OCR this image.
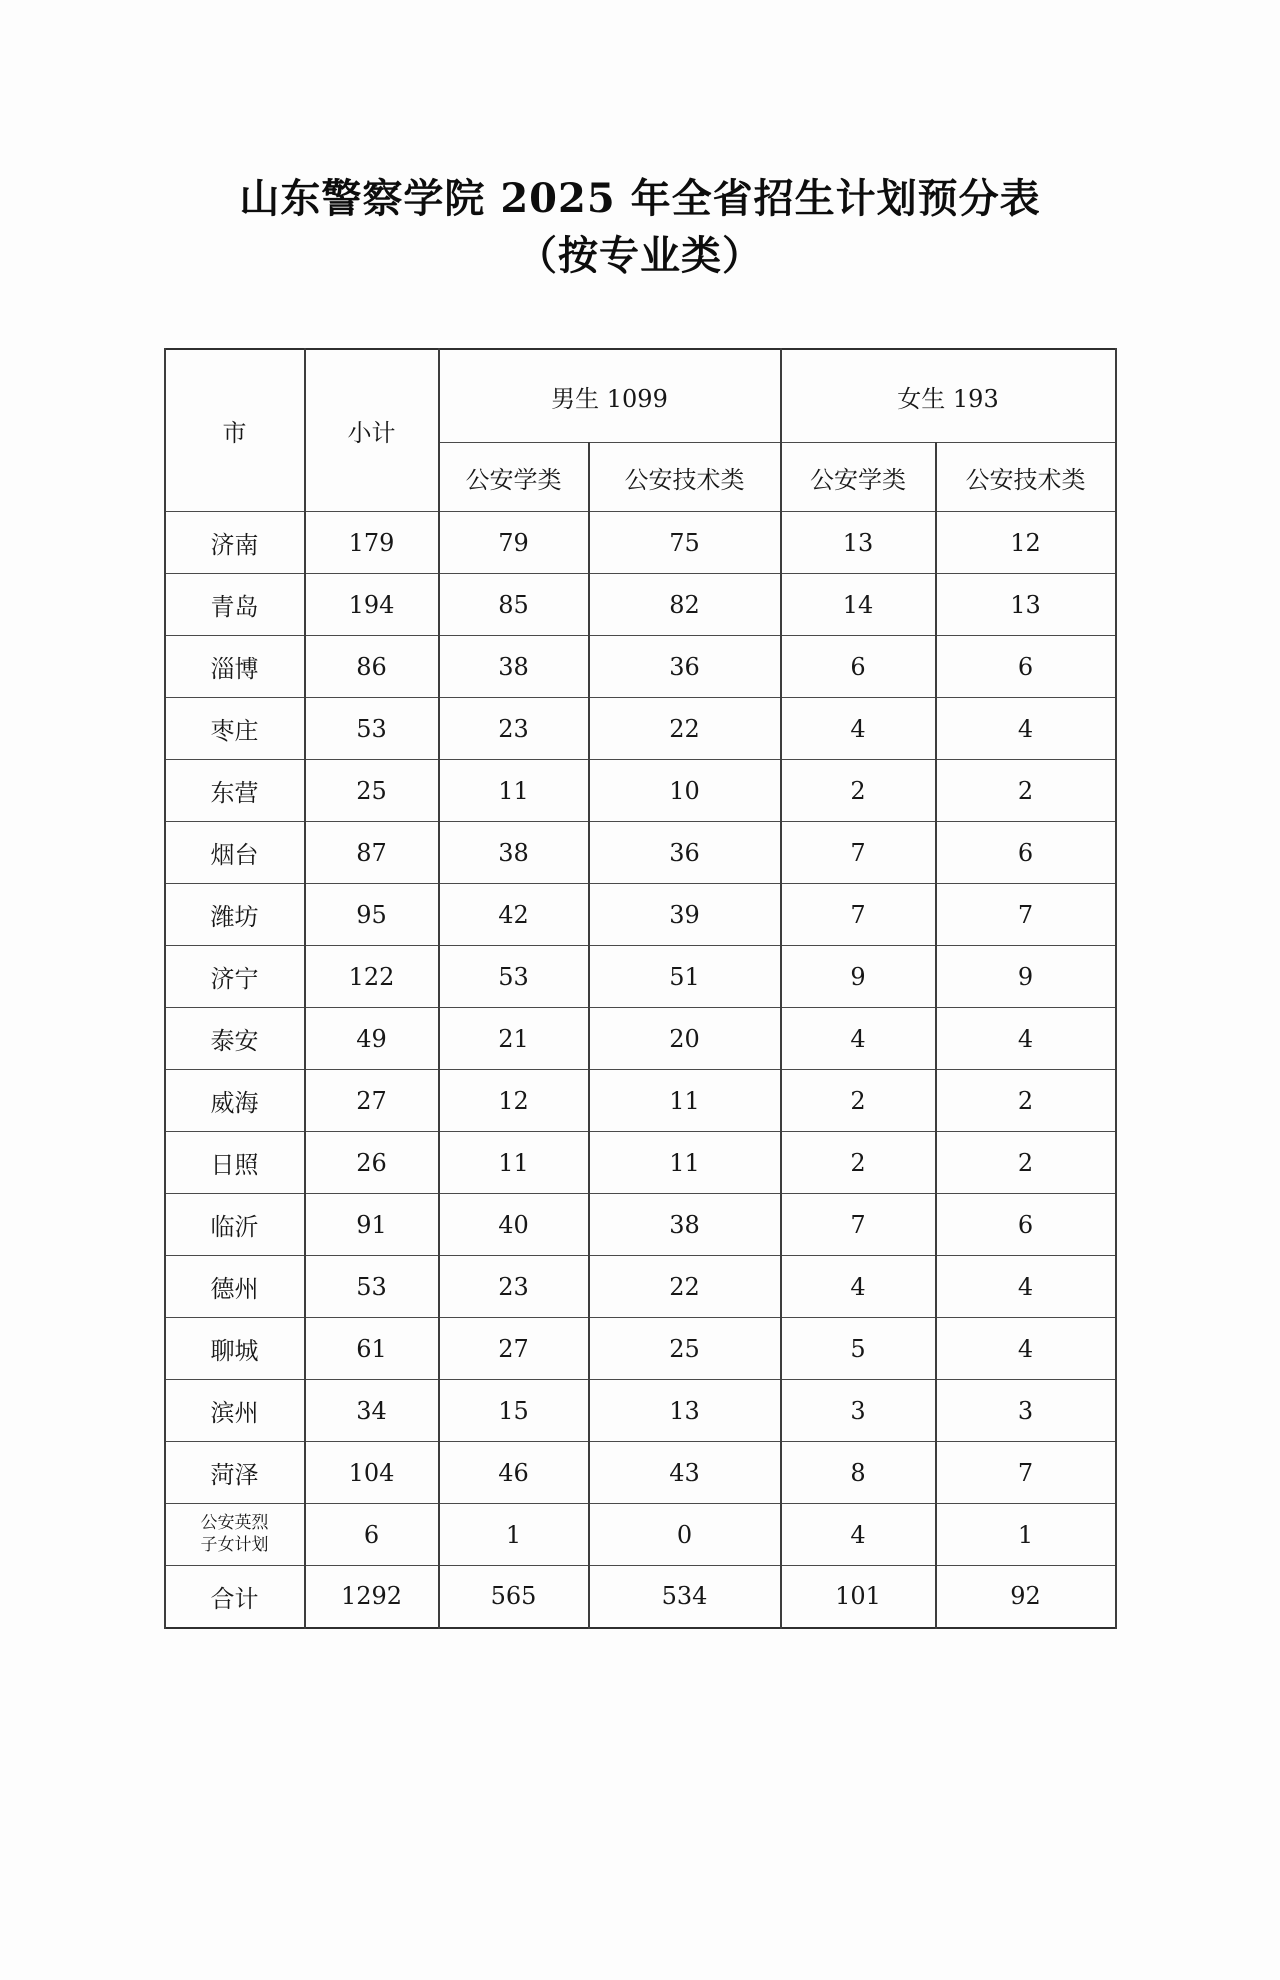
山东警察学院 2025 年全省招生计划预分表
（按专业类）
市	小计	男生 1099		女生 193	
		公安学类	公安技术类	公安学类	公安技术类
济南	179	79	75	13	12
青岛	194	85	82	14	13
淄博	86	38	36	6	6
枣庄	53	23	22	4	4
东营	25	11	10	2	2
烟台	87	38	36	7	6
潍坊	95	42	39	7	7
济宁	122	53	51	9	9
泰安	49	21	20	4	4
威海	27	12	11	2	2
日照	26	11	11	2	2
临沂	91	40	38	7	6
德州	53	23	22	4	4
聊城	61	27	25	5	4
滨州	34	15	13	3	3
菏泽	104	46	43	8	7
公安英烈
子女计划	6	1	0	4	1
合计	1292	565	534	101	92
